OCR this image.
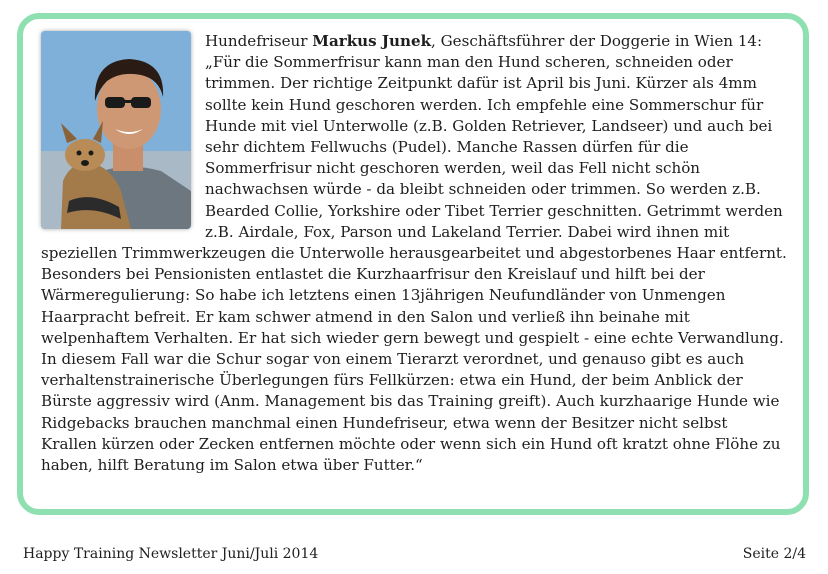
Hundefriseur Markus Junek, Geschäftsführer der Doggerie in Wien 14: „Für die Sommerfrisur kann man den Hund scheren, schneiden oder trimmen. Der richtige Zeitpunkt dafür ist April bis Juni. Kürzer als 4mm sollte kein Hund geschoren werden. Ich empfehle eine Sommerschur für Hunde mit viel Unterwolle (z.B. Golden Retriever, Landseer) und auch bei sehr dichtem Fellwuchs (Pudel). Manche Rassen dürfen für die Sommerfrisur nicht geschoren werden, weil das Fell nicht schön nachwachsen würde - da bleibt schneiden oder trimmen. So werden z.B. Bearded Collie, Yorkshire oder Tibet Terrier geschnitten. Getrimmt werden z.B. Airdale, Fox, Parson und Lakeland Terrier. Dabei wird ihnen mit speziellen Trimmwerkzeugen die Unterwolle herausgearbeitet und abgestorbenes Haar entfernt. Besonders bei Pensionisten entlastet die Kurzhaarfrisur den Kreislauf und hilft bei der Wärmeregulierung: So habe ich letztens einen 13jährigen Neufundländer von Unmengen Haarpracht befreit. Er kam schwer atmend in den Salon und verließ ihn beinahe mit welpenhaftem Verhalten. Er hat sich wieder gern bewegt und gespielt - eine echte Verwandlung. In diesem Fall war die Schur sogar von einem Tierarzt verordnet, und genauso gibt es auch verhaltenstrainerische Überlegungen fürs Fellkürzen: etwa ein Hund, der beim Anblick der Bürste aggressiv wird (Anm. Management bis das Training greift). Auch kurzhaarige Hunde wie Ridgebacks brauchen manchmal einen Hundefriseur, etwa wenn der Besitzer nicht selbst Krallen kürzen oder Zecken entfernen möchte oder wenn sich ein Hund oft kratzt ohne Flöhe zu haben, hilft Beratung im Salon etwa über Futter.“

Happy Training Newsletter Juni/Juli 2014	Seite 2/4
